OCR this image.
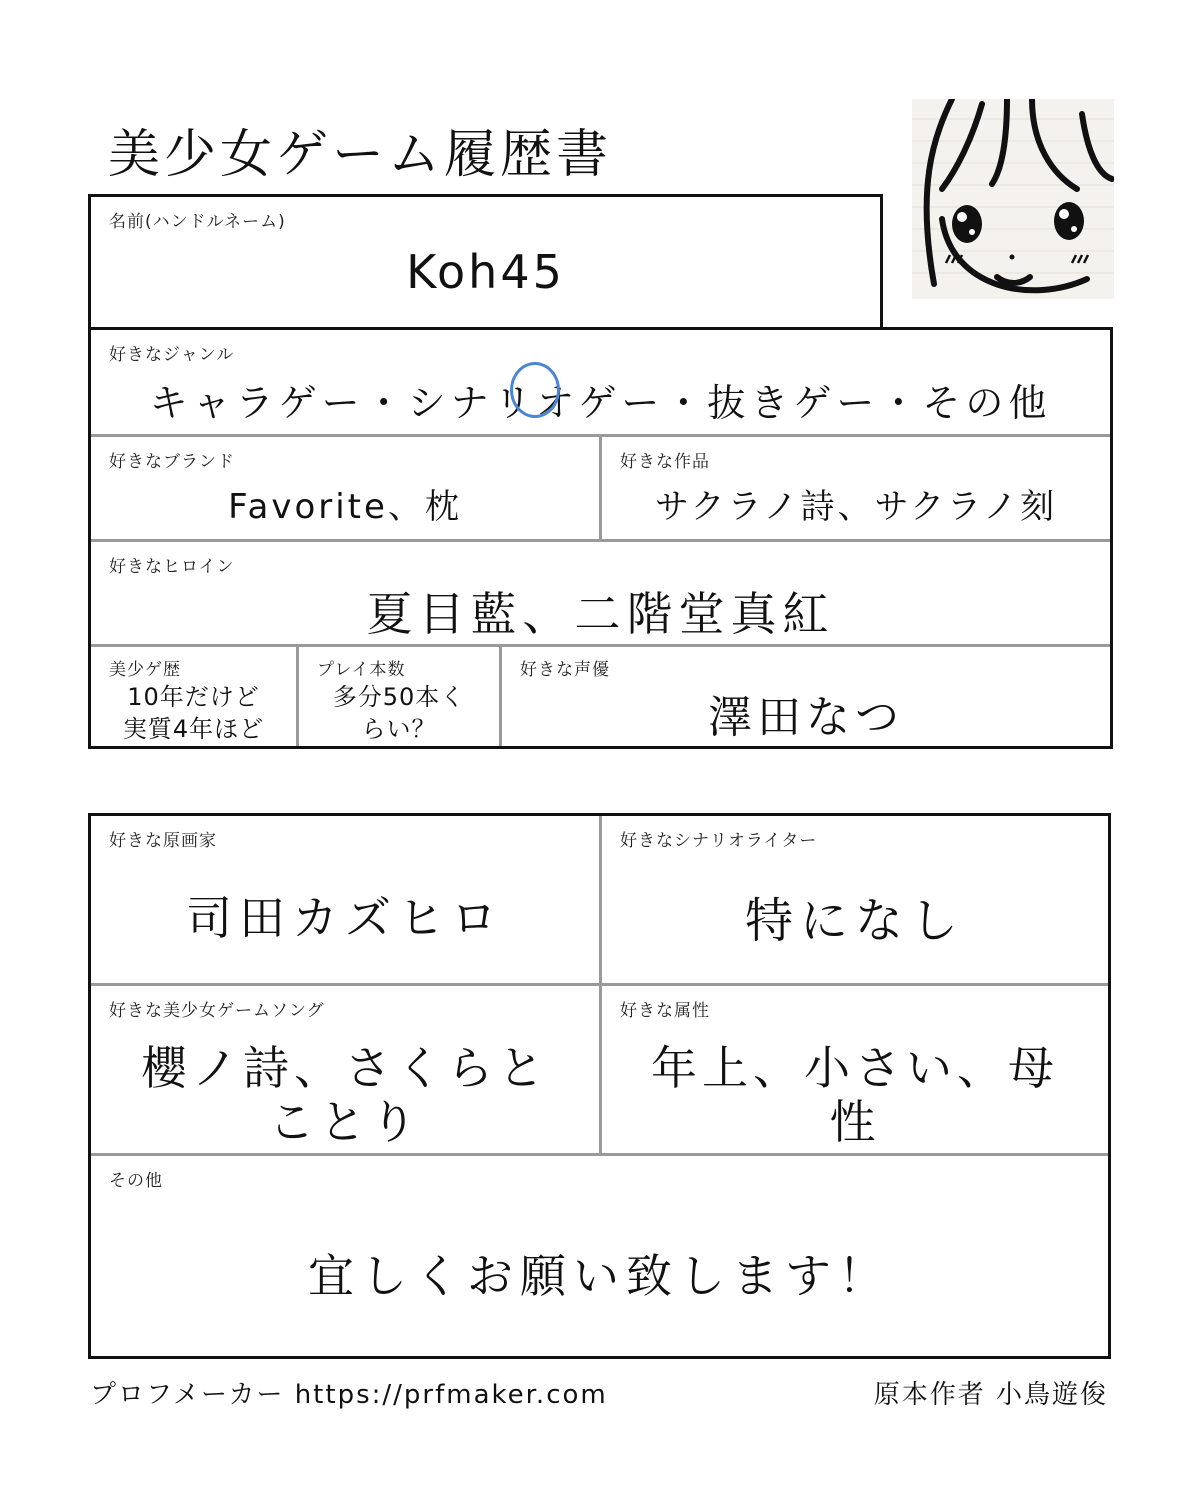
美少女ゲーム履歴書
名前(ハンドルネーム)
Koh45
好きなジャンル
キャラゲー・シナリオゲー・抜きゲー・その他
好きなブランド
Favorite、枕
好きな作品
サクラノ詩、サクラノ刻
好きなヒロイン
夏目藍、二階堂真紅
美少ゲ歴
10年だけど
実質4年ほど
プレイ本数
多分50本く
らい？
好きな声優
澤田なつ
好きな原画家
司田カズヒロ
好きなシナリオライター
特になし
好きな美少女ゲームソング
櫻ノ詩、さくらと
ことり
好きな属性
年上、小さい、母
性
その他
宜しくお願い致します！
プロフメーカー https://prfmaker.com	原本作者 小鳥遊俊
